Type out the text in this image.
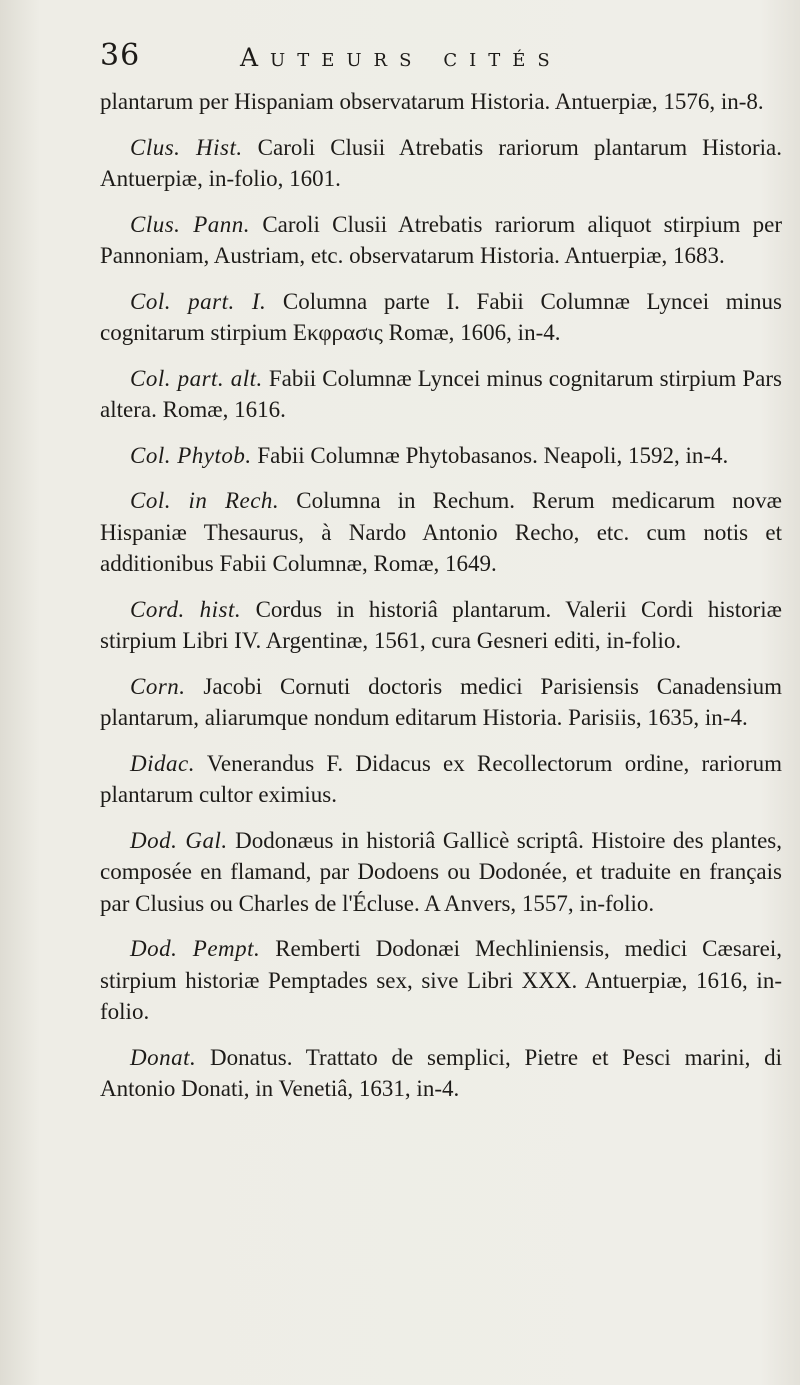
36	Auteurs cités

plantarum per Hispaniam observatarum Historia. Antuerpiæ, 1576, in-8.

Clus. Hist. Caroli Clusii Atrebatis rariorum plantarum Historia. Antuerpiæ, in-folio, 1601.

Clus. Pann. Caroli Clusii Atrebatis rariorum aliquot stirpium per Pannoniam, Austriam, etc. observatarum Historia. Antuerpiæ, 1683.

Col. part. I. Columna parte I. Fabii Columnæ Lyncei minus cognitarum stirpium Εκφρασις Romæ, 1606, in-4.

Col. part. alt. Fabii Columnæ Lyncei minus cognitarum stirpium Pars altera. Romæ, 1616.

Col. Phytob. Fabii Columnæ Phytobasanos. Neapoli, 1592, in-4.

Col. in Rech. Columna in Rechum. Rerum medicarum novæ Hispaniæ Thesaurus, à Nardo Antonio Recho, etc. cum notis et additionibus Fabii Columnæ, Romæ, 1649.

Cord. hist. Cordus in historiâ plantarum. Valerii Cordi historiæ stirpium Libri IV. Argentinæ, 1561, cura Gesneri editi, in-folio.

Corn. Jacobi Cornuti doctoris medici Parisiensis Canadensium plantarum, aliarumque nondum editarum Historia. Parisiis, 1635, in-4.

Didac. Venerandus F. Didacus ex Recollectorum ordine, rariorum plantarum cultor eximius.

Dod. Gal. Dodonæus in historiâ Gallicè scriptâ. Histoire des plantes, composée en flamand, par Dodoens ou Dodonée, et traduite en français par Clusius ou Charles de l'Écluse. A Anvers, 1557, in-folio.

Dod. Pempt. Remberti Dodonæi Mechliniensis, medici Cæsarei, stirpium historiæ Pemptades sex, sive Libri XXX. Antuerpiæ, 1616, in-folio.

Donat. Donatus. Trattato de semplici, Pietre et Pesci marini, di Antonio Donati, in Venetiâ, 1631, in-4.
